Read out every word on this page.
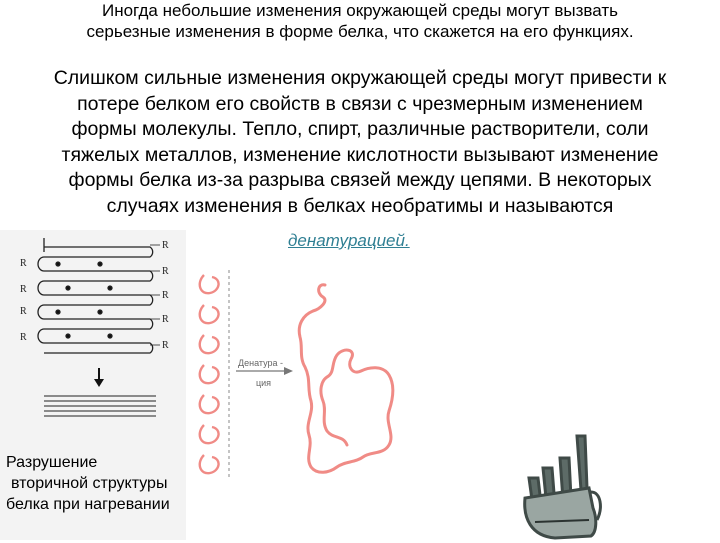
Иногда небольшие изменения окружающей среды могут вызвать
серьезные изменения в форме белка, что скажется на его функциях.
Слишком сильные изменения окружающей среды могут привести к
потере белком его свойств в связи с чрезмерным изменением
формы молекулы. Тепло, спирт, различные растворители, соли
тяжелых металлов, изменение кислотности вызывают изменение
формы белка из-за разрыва связей между цепями. В некоторых
случаях изменения в белках необратимы и называются
денатурацией.
R
R
R
R
R
R
R
R
R
Денатура -
ция
Разрушение
вторичной структуры
белка при нагревании
